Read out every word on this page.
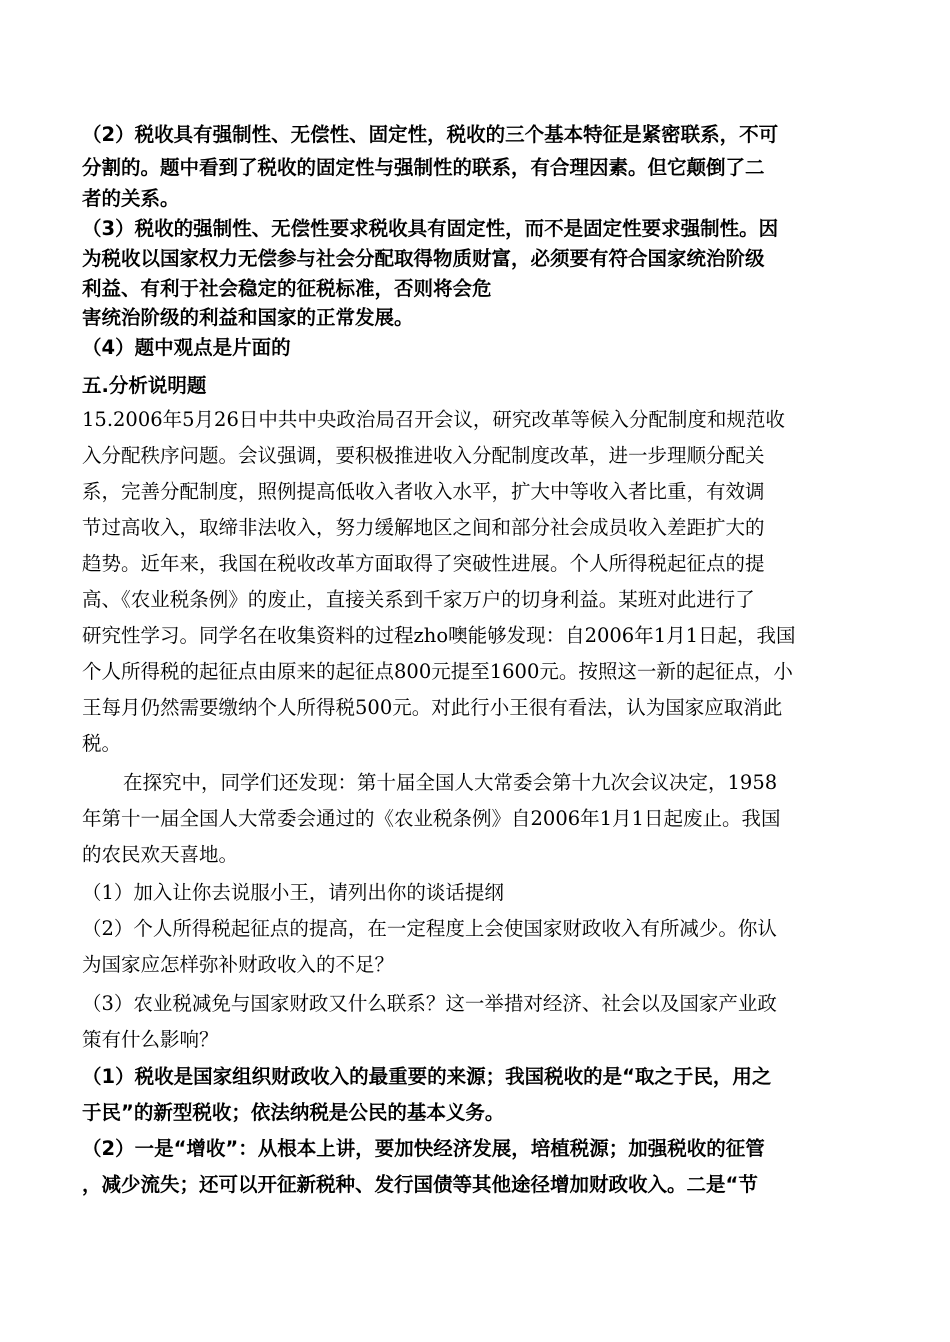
（2）税收具有强制性、无偿性、固定性，税收的三个基本特征是紧密联系，不可
分割的。题中看到了税收的固定性与强制性的联系，有合理因素。但它颠倒了二
者的关系。
（3）税收的强制性、无偿性要求税收具有固定性，而不是固定性要求强制性。因
为税收以国家权力无偿参与社会分配取得物质财富，必须要有符合国家统治阶级
利益、有利于社会稳定的征税标准，否则将会危
害统治阶级的利益和国家的正常发展。
（4）题中观点是片面的
五.分析说明题
15.2006年5月26日中共中央政治局召开会议，研究改革等候入分配制度和规范收
入分配秩序问题。会议强调，要积极推进收入分配制度改革，进一步理顺分配关
系，完善分配制度，照例提高低收入者收入水平，扩大中等收入者比重，有效调
节过高收入，取缔非法收入，努力缓解地区之间和部分社会成员收入差距扩大的
趋势。近年来，我国在税收改革方面取得了突破性进展。个人所得税起征点的提
高、《农业税条例》的废止，直接关系到千家万户的切身利益。某班对此进行了
研究性学习。同学名在收集资料的过程zho噢能够发现：自2006年1月1日起，我国
个人所得税的起征点由原来的起征点800元提至1600元。按照这一新的起征点，小
王每月仍然需要缴纳个人所得税500元。对此行小王很有看法，认为国家应取消此
税。
在探究中，同学们还发现：第十届全国人大常委会第十九次会议决定，1958
年第十一届全国人大常委会通过的《农业税条例》自2006年1月1日起废止。我国
的农民欢天喜地。
（1）加入让你去说服小王，请列出你的谈话提纲
（2）个人所得税起征点的提高，在一定程度上会使国家财政收入有所减少。你认
为国家应怎样弥补财政收入的不足？
（3）农业税减免与国家财政又什么联系？这一举措对经济、社会以及国家产业政
策有什么影响？
（1）税收是国家组织财政收入的最重要的来源；我国税收的是“取之于民，用之
于民”的新型税收；依法纳税是公民的基本义务。
（2）一是“增收”：从根本上讲，要加快经济发展，培植税源；加强税收的征管
，减少流失；还可以开征新税种、发行国债等其他途径增加财政收入。二是“节
